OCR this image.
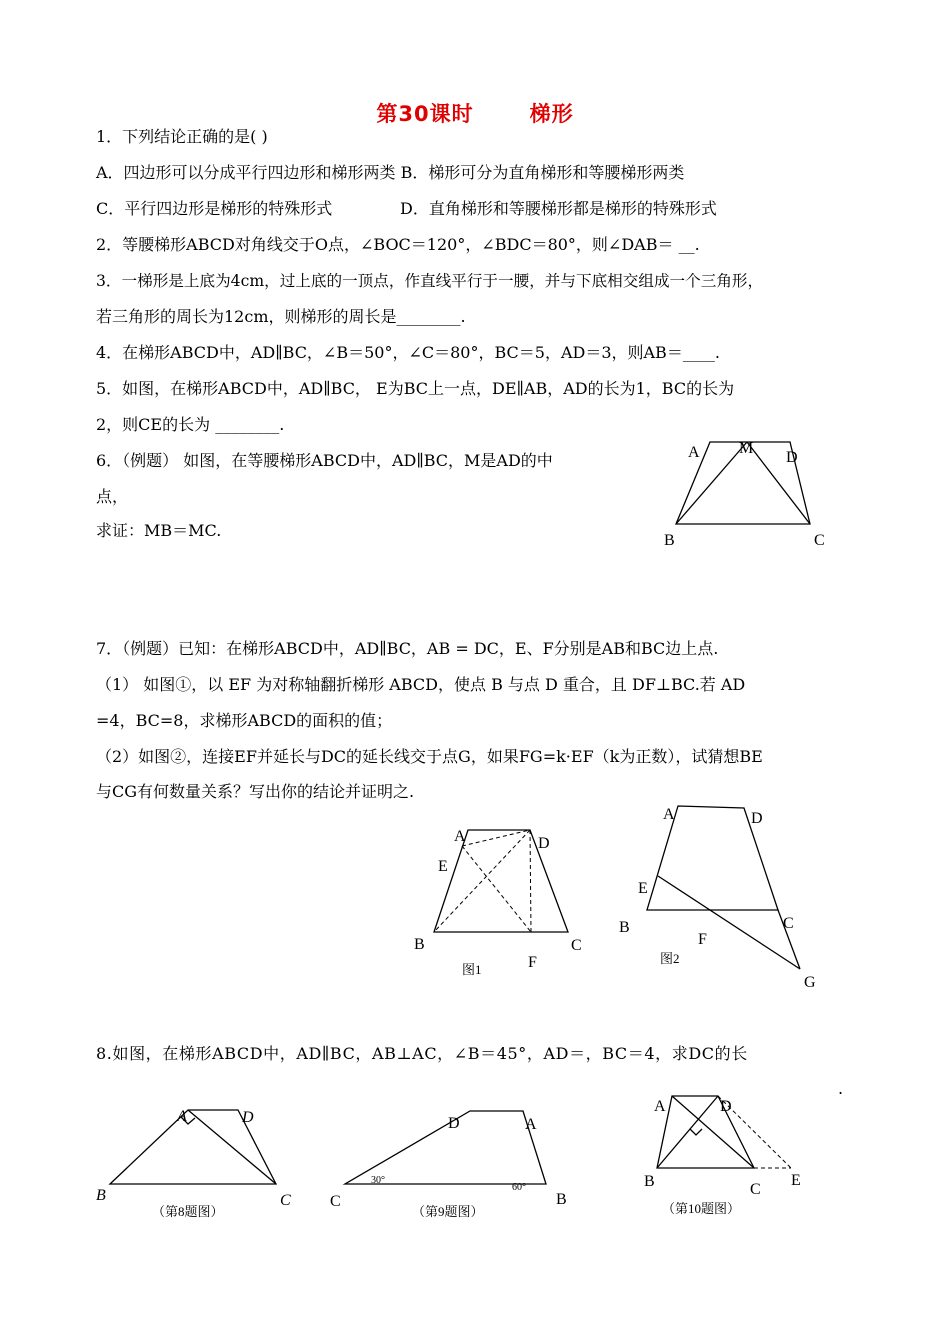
第30课时	梯形
1．下列结论正确的是( )
A．四边形可以分成平行四边形和梯形两类 B．梯形可分为直角梯形和等腰梯形两类
C．平行四边形是梯形的特殊形式	D．直角梯形和等腰梯形都是梯形的特殊形式
2．等腰梯形ABCD对角线交于O点，∠BOC＝120°，∠BDC＝80°，则∠DAB＝ __.
3．一梯形是上底为4cm，过上底的一顶点，作直线平行于一腰，并与下底相交组成一个三角形，
若三角形的周长为12cm，则梯形的周长是________.
4．在梯形ABCD中，AD∥BC，∠B＝50°，∠C＝80°，BC＝5，AD＝3，则AB＝____.
5．如图，在梯形ABCD中，AD∥BC， E为BC上一点，DE∥AB，AD的长为1，BC的长为
2，则CE的长为 ________.
6．（例题） 如图，在等腰梯形ABCD中，AD∥BC，M是AD的中
点，
求证：MB＝MC.
A M
D
B	C
7．（例题）已知：在梯形ABCD中，AD∥BC，AB = DC，E、F分别是AB和BC边上点.
（1） 如图①，以 EF 为对称轴翻折梯形 ABCD，使点 B 与点 D 重合，且 DF⊥BC.若 AD
=4，BC=8，求梯形ABCD的面积的值；
（2）如图②，连接EF并延长与DC的延长线交于点G，如果FG=k·EF（k为正数），试猜想BE
与CG有何数量关系？写出你的结论并证明之.
A	D
E
B	C
F
图1
A	D
E
B	C
F
G
图2
8.如图，在梯形ABCD中，AD∥BC，AB⊥AC，∠B＝45°，AD＝，BC＝4，求DC的长
.
A	D
B	C
（第8题图）
D	A
C	B
30°
60°
（第9题图）
A	D
B	C
E
（第10题图）
